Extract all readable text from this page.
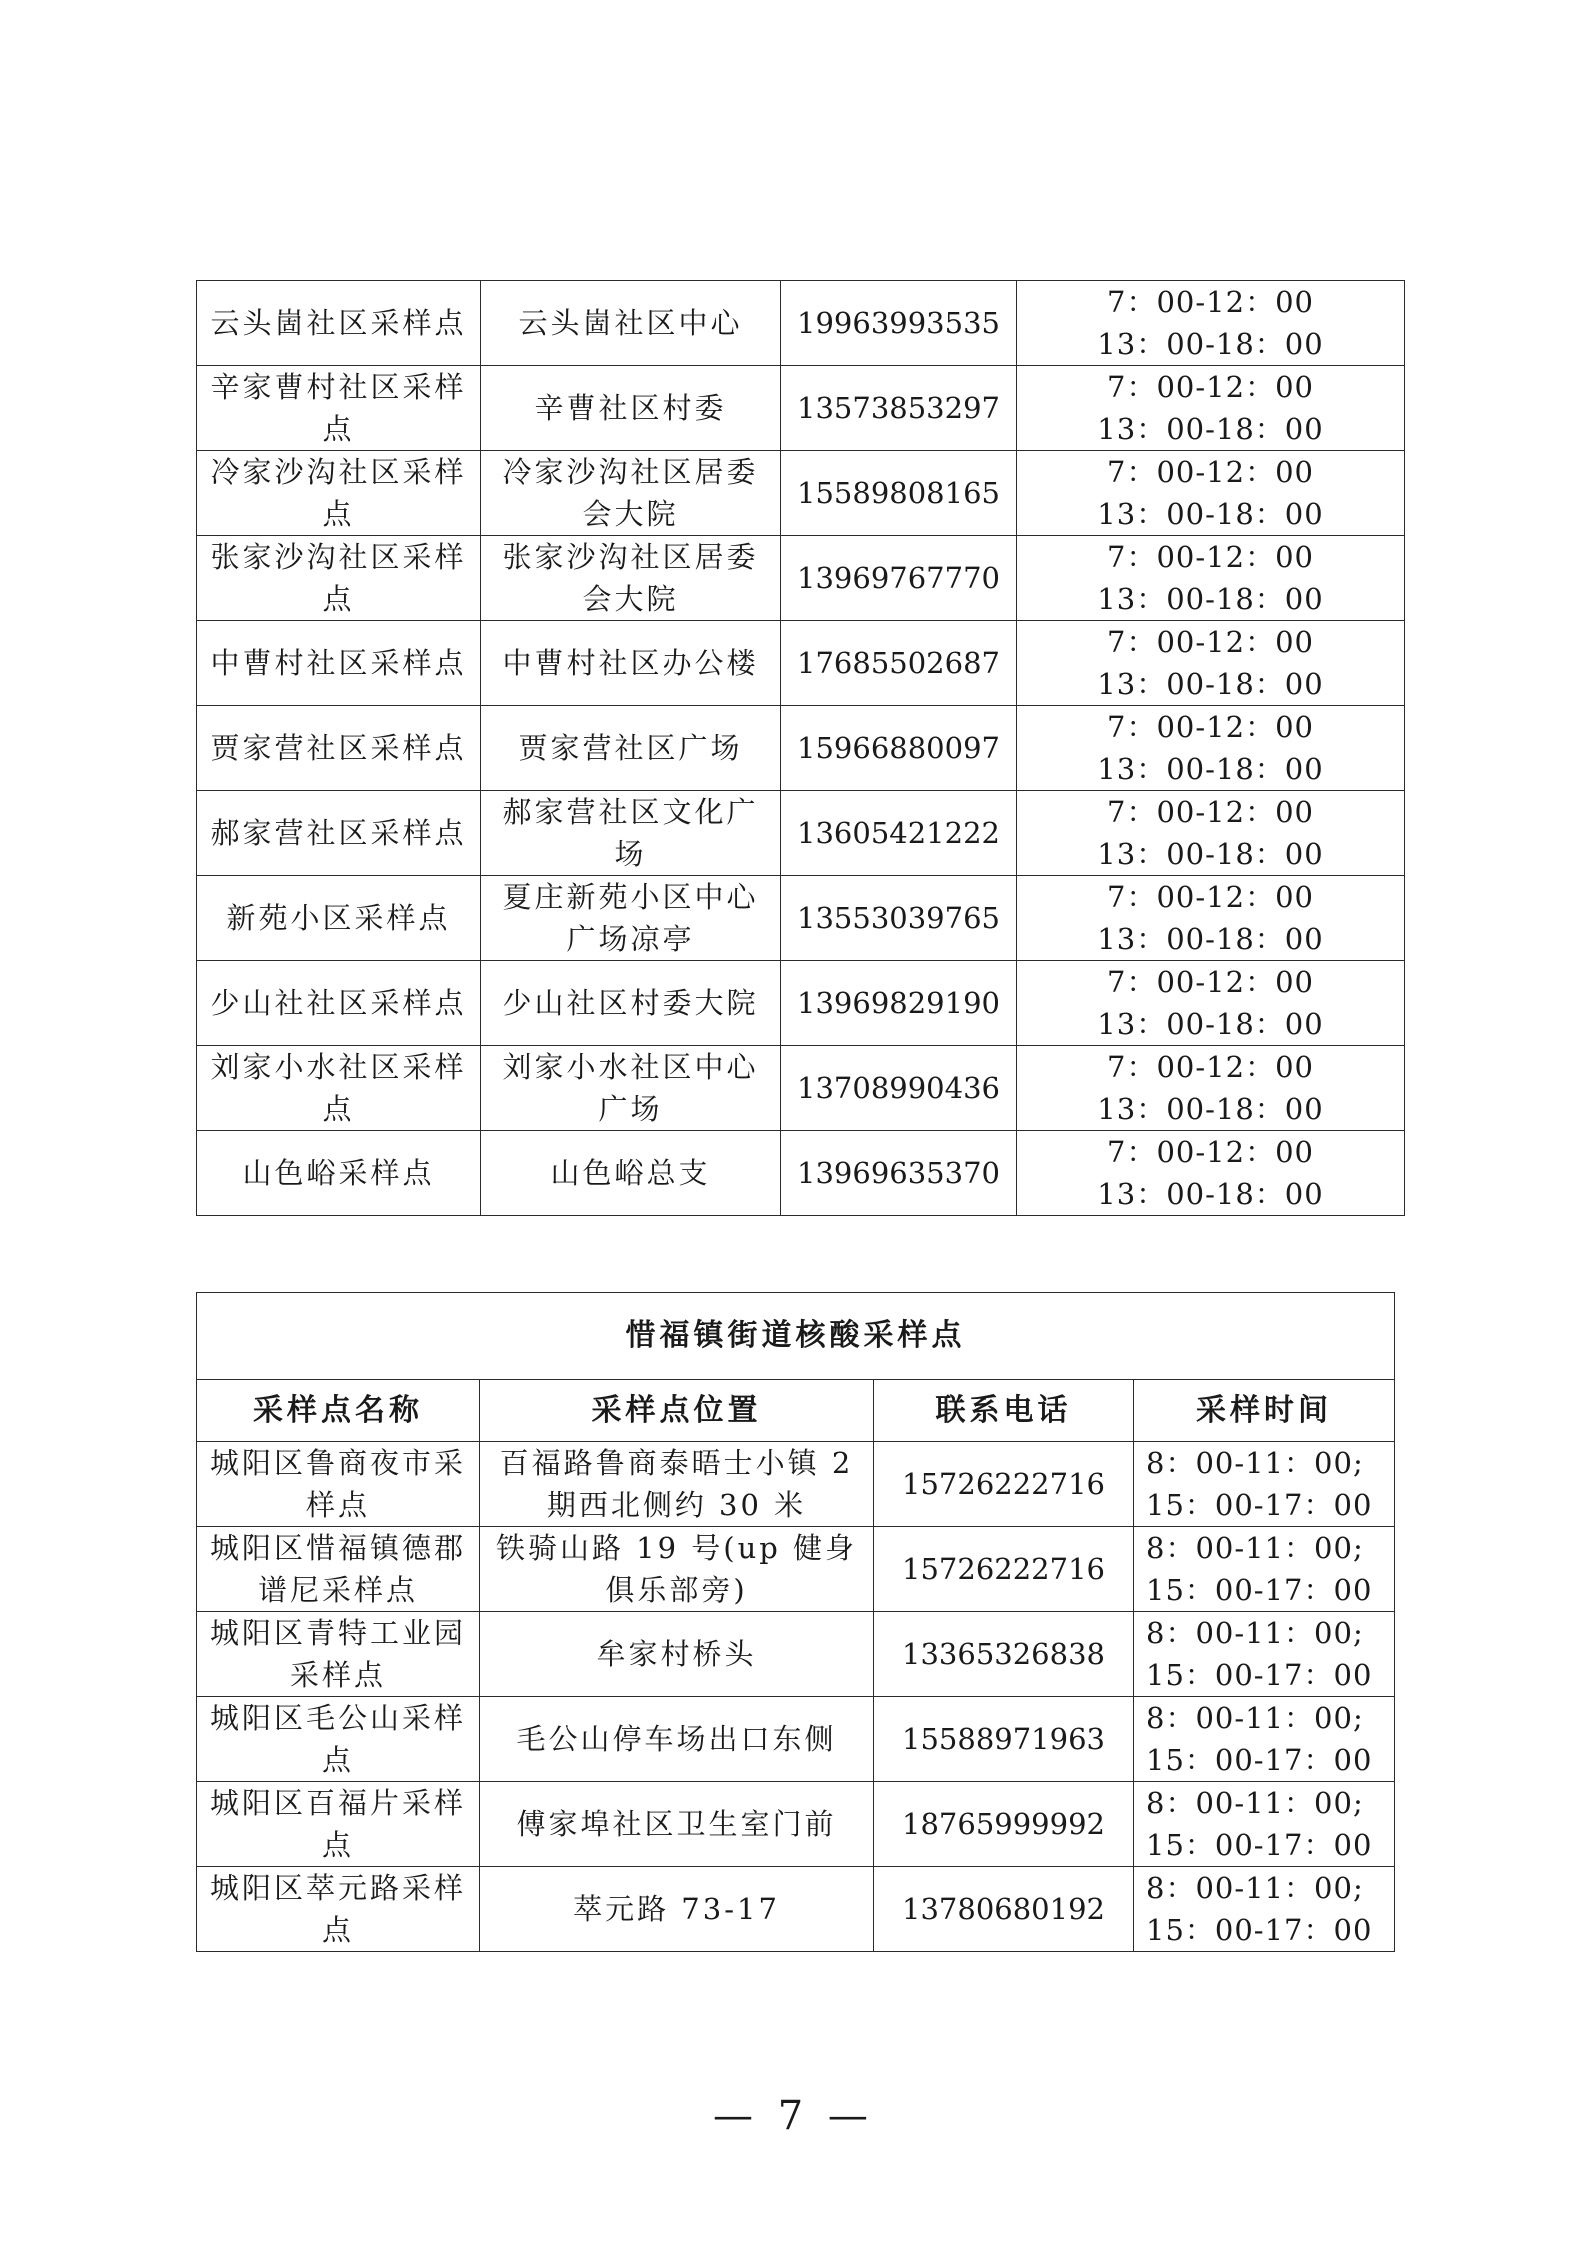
云头崮社区采样点	云头崮社区中心	19963993535	7：00-12：00
13：00-18：00

辛家曹村社区采样点	辛曹社区村委	13573853297	7：00-12：00
13：00-18：00

冷家沙沟社区采样点	冷家沙沟社区居委会大院	15589808165	7：00-12：00
13：00-18：00

张家沙沟社区采样点	张家沙沟社区居委会大院	13969767770	7：00-12：00
13：00-18：00

中曹村社区采样点	中曹村社区办公楼	17685502687	7：00-12：00
13：00-18：00

贾家营社区采样点	贾家营社区广场	15966880097	7：00-12：00
13：00-18：00

郝家营社区采样点	郝家营社区文化广场	13605421222	7：00-12：00
13：00-18：00

新苑小区采样点	夏庄新苑小区中心广场凉亭	13553039765	7：00-12：00
13：00-18：00

少山社社区采样点	少山社区村委大院	13969829190	7：00-12：00
13：00-18：00

刘家小水社区采样点	刘家小水社区中心广场	13708990436	7：00-12：00
13：00-18：00

山色峪采样点	山色峪总支	13969635370	7：00-12：00
13：00-18：00
惜福镇街道核酸采样点			
采样点名称	采样点位置	联系电话	采样时间
城阳区鲁商夜市采样点	百福路鲁商泰晤士小镇 2 期西北侧约 30 米	15726222716	8：00-11：00;
15：00-17：00

城阳区惜福镇德郡谱尼采样点	铁骑山路 19 号(up 健身俱乐部旁)	15726222716	8：00-11：00;
15：00-17：00

城阳区青特工业园采样点	牟家村桥头	13365326838	8：00-11：00;
15：00-17：00

城阳区毛公山采样点	毛公山停车场出口东侧	15588971963	8：00-11：00;
15：00-17：00

城阳区百福片采样点	傅家埠社区卫生室门前	18765999992	8：00-11：00;
15：00-17：00

城阳区萃元路采样点	萃元路 73-17	13780680192	8：00-11：00;
15：00-17：00
— 7 —
